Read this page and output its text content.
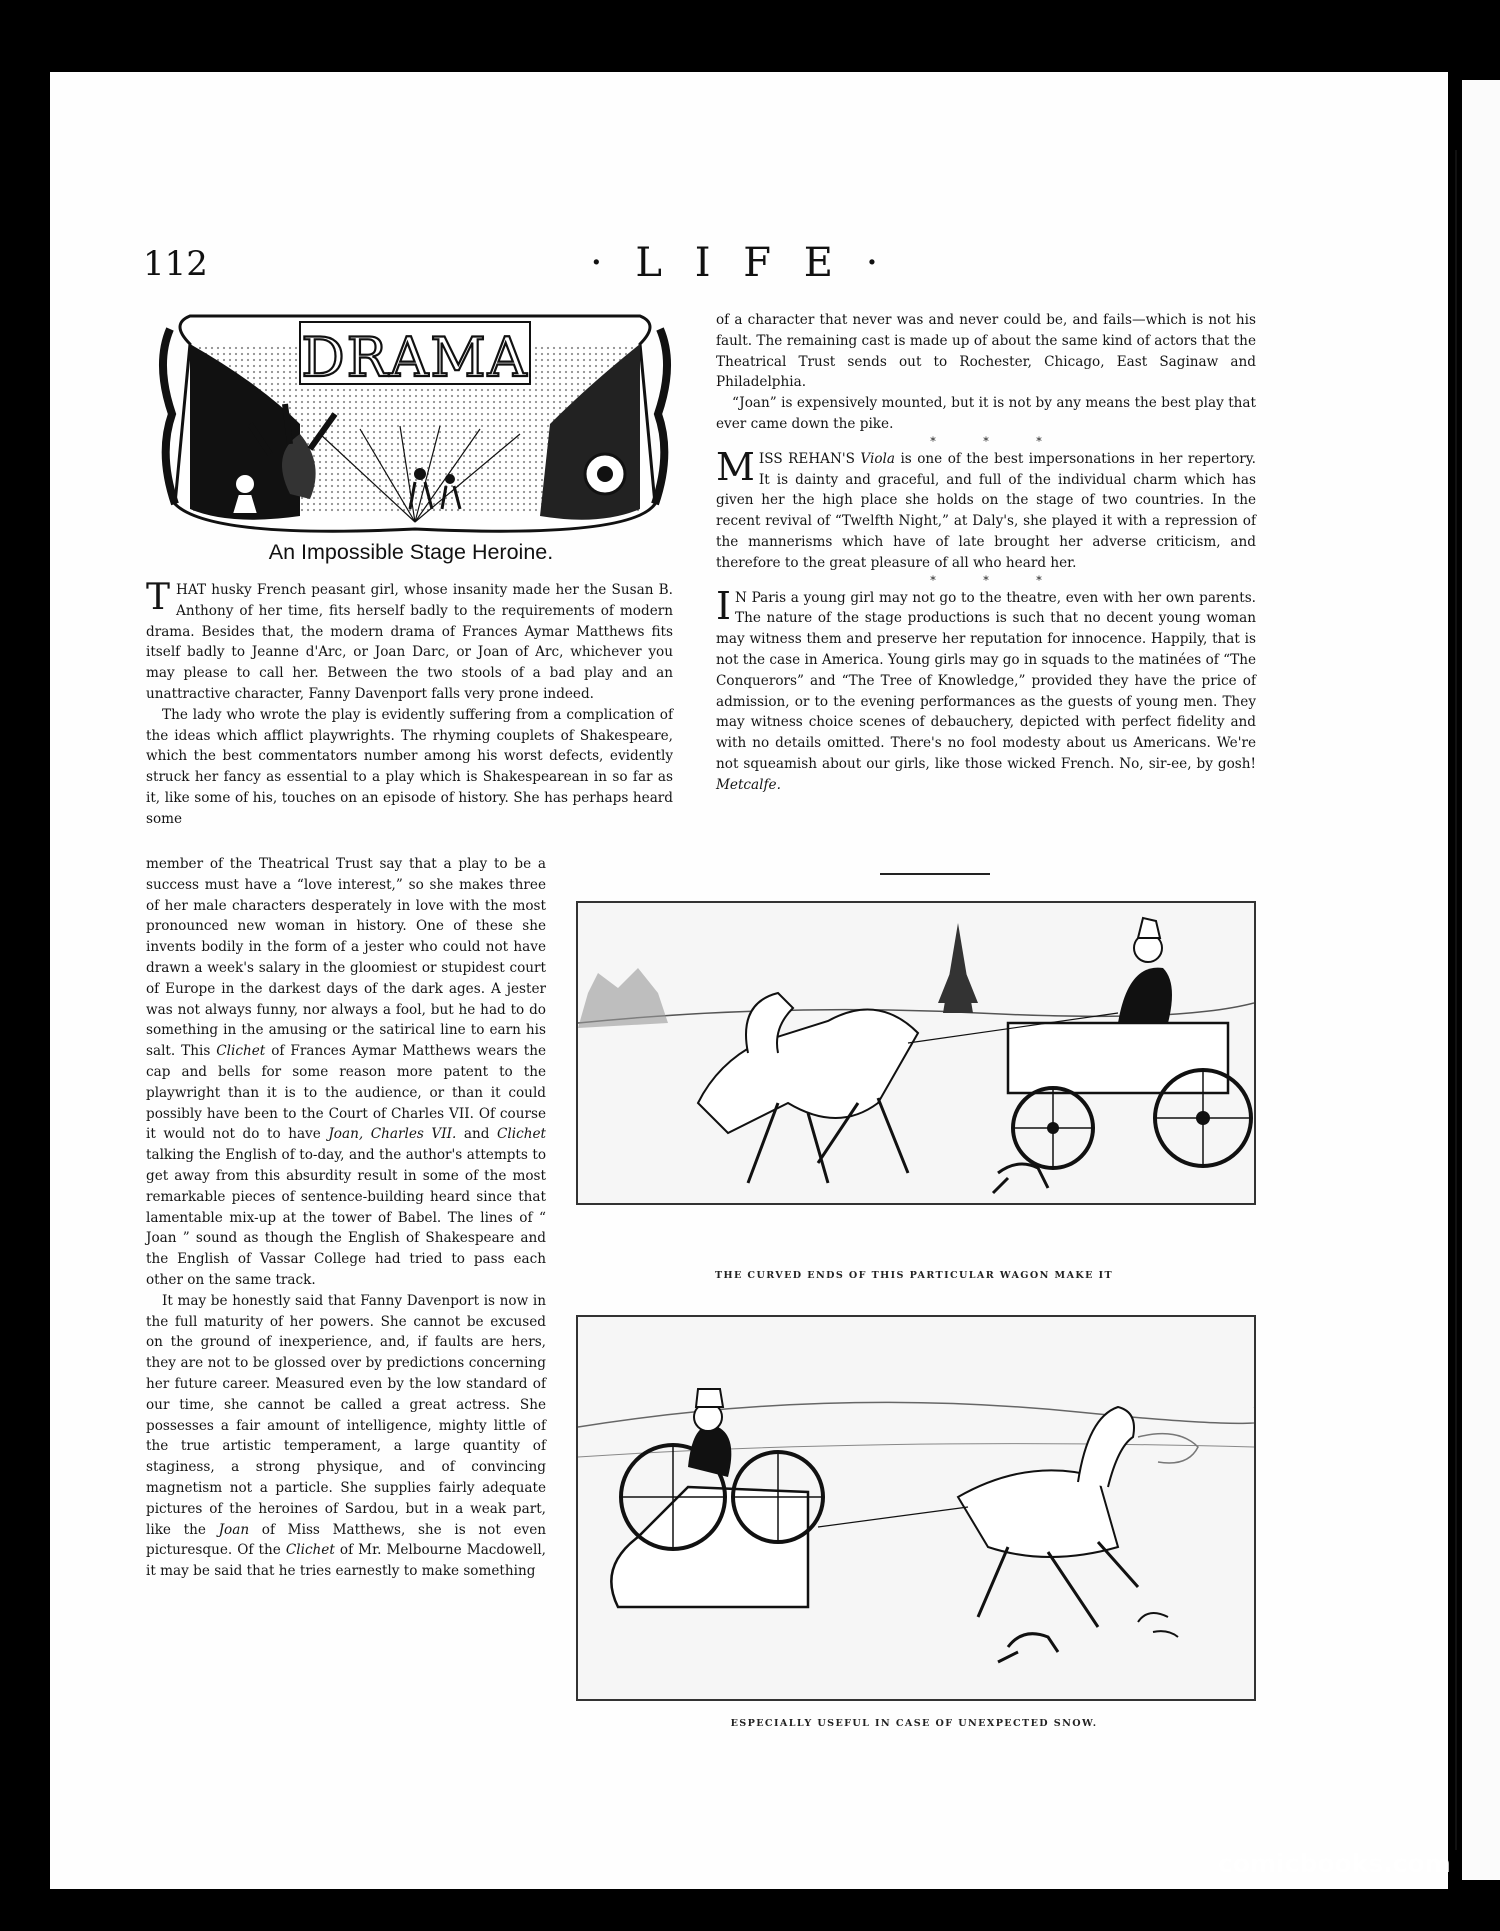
112	· L I F E ·
DRAMA
An Impossible Stage Heroine.

THAT husky French peasant girl, whose insanity made her the Susan B. Anthony of her time, fits herself badly to the requirements of modern drama. Besides that, the modern drama of Frances Aymar Matthews fits itself badly to Jeanne d'Arc, or Joan Darc, or Joan of Arc, whichever you may please to call her. Between the two stools of a bad play and an unattractive character, Fanny Davenport falls very prone indeed.

The lady who wrote the play is evidently suffering from a complication of the ideas which afflict playwrights. The rhyming couplets of Shakespeare, which the best commentators number among his worst defects, evidently struck her fancy as essential to a play which is Shakespearean in so far as it, like some of his, touches on an episode of history. She has perhaps heard some

member of the Theatrical Trust say that a play to be a success must have a “love interest,” so she makes three of her male characters desperately in love with the most pronounced new woman in history. One of these she invents bodily in the form of a jester who could not have drawn a week's salary in the gloomiest or stupidest court of Europe in the darkest days of the dark ages. A jester was not always funny, nor always a fool, but he had to do something in the amusing or the satirical line to earn his salt. This Clichet of Frances Aymar Matthews wears the cap and bells for some reason more patent to the playwright than it is to the audience, or than it could possibly have been to the Court of Charles VII. Of course it would not do to have Joan, Charles VII. and Clichet talking the English of to-day, and the author's attempts to get away from this absurdity result in some of the most remarkable pieces of sentence-building heard since that lamentable mix-up at the tower of Babel. The lines of “ Joan ” sound as though the English of Shakespeare and the English of Vassar College had tried to pass each other on the same track.

It may be honestly said that Fanny Davenport is now in the full maturity of her powers. She cannot be excused on the ground of inexperience, and, if faults are hers, they are not to be glossed over by predictions concerning her future career. Measured even by the low standard of our time, she cannot be called a great actress. She possesses a fair amount of intelligence, mighty little of the true artistic temperament, a large quantity of staginess, a strong physique, and of convincing magnetism not a particle. She supplies fairly adequate pictures of the heroines of Sardou, but in a weak part, like the Joan of Miss Matthews, she is not even picturesque. Of the Clichet of Mr. Melbourne Macdowell, it may be said that he tries earnestly to make something

of a character that never was and never could be, and fails—which is not his fault. The remaining cast is made up of about the same kind of actors that the Theatrical Trust sends out to Rochester, Chicago, East Saginaw and Philadelphia.

“Joan” is expensively mounted, but it is not by any means the best play that ever came down the pike.

* * *

MISS REHAN'S Viola is one of the best impersonations in her repertory. It is dainty and graceful, and full of the individual charm which has given her the high place she holds on the stage of two countries. In the recent revival of “Twelfth Night,” at Daly's, she played it with a repression of the mannerisms which have of late brought her adverse criticism, and therefore to the great pleasure of all who heard her.

* * *

I N Paris a young girl may not go to the theatre, even with her own parents. The nature of the stage productions is such that no decent young woman may witness them and preserve her reputation for innocence. Happily, that is not the case in America. Young girls may go in squads to the matinées of “The Conquerors” and “The Tree of Knowledge,” provided they have the price of admission, or to the evening performances as the guests of young men. They may witness choice scenes of debauchery, depicted with perfect fidelity and with no details omitted. There's no fool modesty about us Americans. We're not squeamish about our girls, like those wicked French. No, sir-ee, by gosh! Metcalfe.

THE CURVED ENDS OF THIS PARTICULAR WAGON MAKE IT
ESPECIALLY USEFUL IN CASE OF UNEXPECTED SNOW.
comicbooks.com
